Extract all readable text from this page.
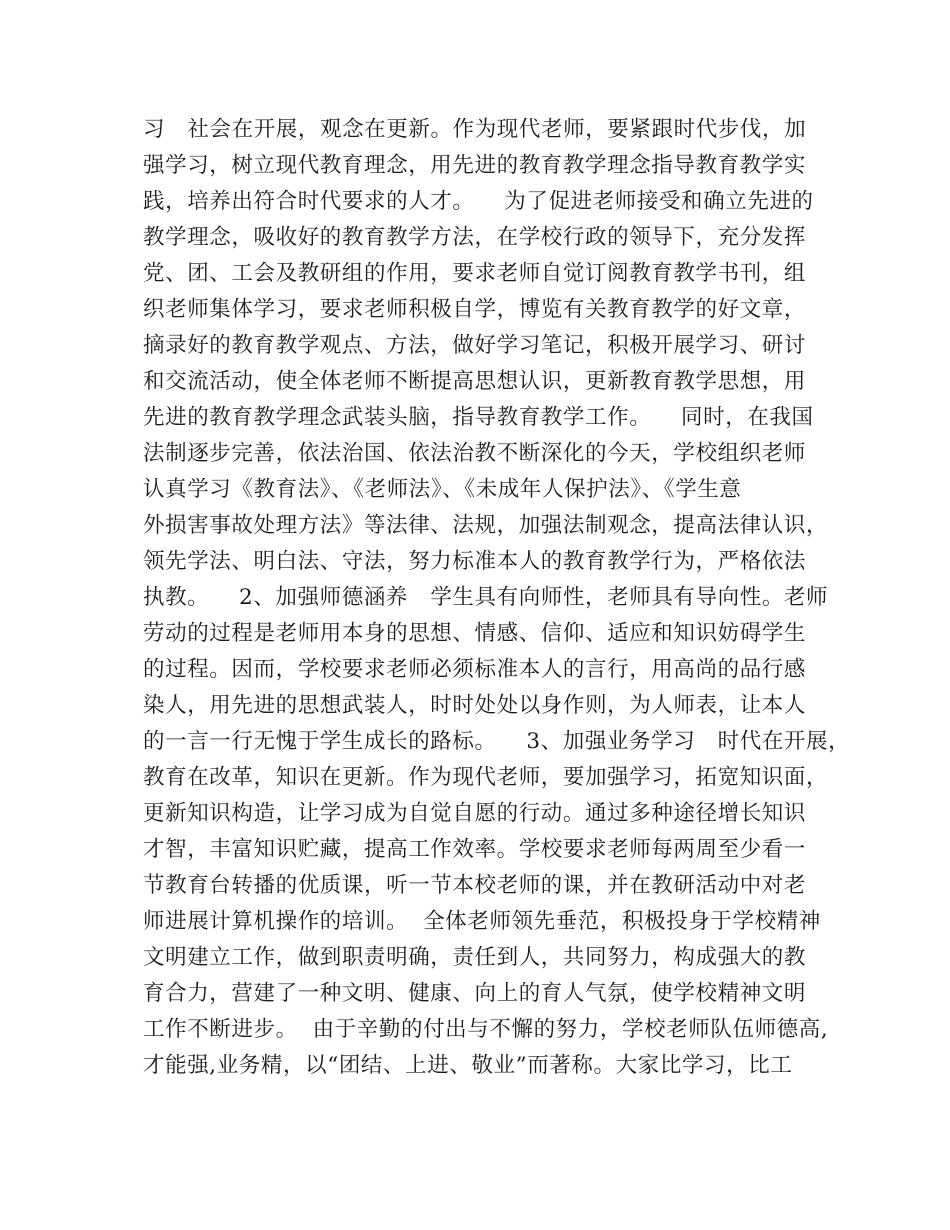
习   社会在开展，观念在更新。作为现代老师，要紧跟时代步伐，加
强学习，树立现代教育理念，用先进的教育教学理念指导教育教学实
践，培养出符合时代要求的人才。    为了促进老师接受和确立先进的
教学理念，吸收好的教育教学方法，在学校行政的领导下，充分发挥
党、团、工会及教研组的作用，要求老师自觉订阅教育教学书刊，组
织老师集体学习，要求老师积极自学，博览有关教育教学的好文章，
摘录好的教育教学观点、方法，做好学习笔记，积极开展学习、研讨
和交流活动，使全体老师不断提高思想认识，更新教育教学思想，用
先进的教育教学理念武装头脑，指导教育教学工作。    同时，在我国
法制逐步完善，依法治国、依法治教不断深化的今天，学校组织老师
认真学习《教育法》、《老师法》、《未成年人保护法》、《学生意
外损害事故处理方法》等法律、法规，加强法制观念，提高法律认识，
领先学法、明白法、守法，努力标准本人的教育教学行为，严格依法
执教。    2、加强师德涵养   学生具有向师性，老师具有导向性。老师
劳动的过程是老师用本身的思想、情感、信仰、适应和知识妨碍学生
的过程。因而，学校要求老师必须标准本人的言行，用高尚的品行感
染人，用先进的思想武装人，时时处处以身作则，为人师表，让本人
的一言一行无愧于学生成长的路标。    3、加强业务学习   时代在开展，
教育在改革，知识在更新。作为现代老师，要加强学习，拓宽知识面，
更新知识构造，让学习成为自觉自愿的行动。通过多种途径增长知识
才智，丰富知识贮藏，提高工作效率。学校要求老师每两周至少看一
节教育台转播的优质课，听一节本校老师的课，并在教研活动中对老
师进展计算机操作的培训。  全体老师领先垂范，积极投身于学校精神
文明建立工作，做到职责明确，责任到人，共同努力，构成强大的教
育合力，营建了一种文明、健康、向上的育人气氛，使学校精神文明
工作不断进步。  由于辛勤的付出与不懈的努力，学校老师队伍师德高,
才能强,业务精，以“团结、上进、敬业”而著称。大家比学习，比工
